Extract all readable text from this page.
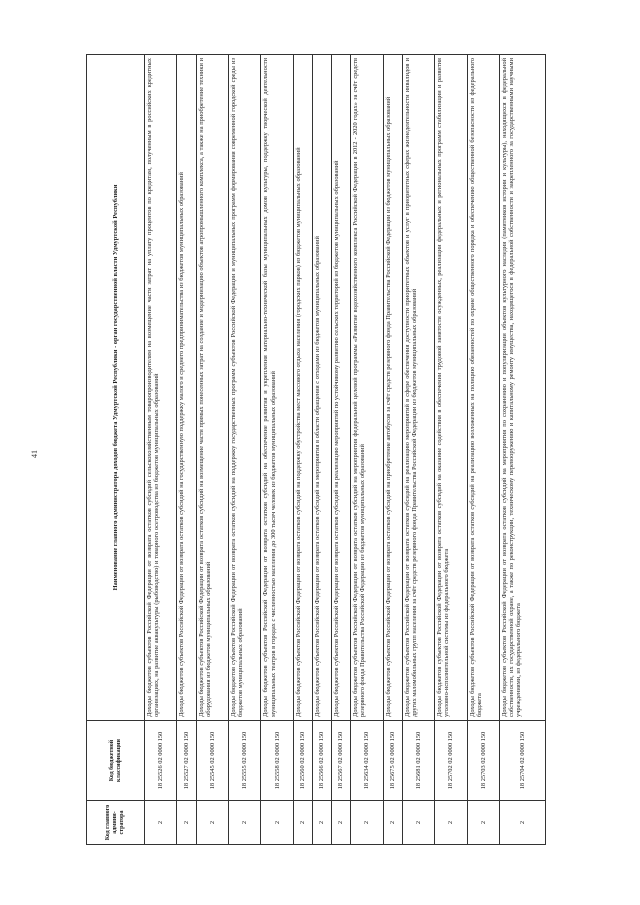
41
Код главного админи-стратора	Код бюджетной классификации	Наименование главного администратора доходов бюджета Удмуртской Республики - орган государственной власти Удмуртской Республики
2	18 25526 02 0000 150	Доходы бюджетов субъектов Российской Федерации от возврата остатков субсидий сельскохозяйственным товаропроизводителям на возмещение части затрат на уплату процентов по кредитам, полученным в российских кредитных организациях, на развитие аквакультуры (рыбоводство) и товарного осетроводства из бюджетов муниципальных образований
2	18 25527 02 0000 150	Доходы бюджетов субъектов Российской Федерации от возврата остатков субсидий на государственную поддержку малого и среднего предпринимательства из бюджетов муниципальных образований
2	18 25545 02 0000 150	Доходы бюджетов субъектов Российской Федерации от возврата остатков субсидий на возмещение части прямых понесенных затрат на создание и модернизацию объектов агропромышленного комплекса, а также на приобретение техники и оборудования из бюджетов муниципальных образований
2	18 25555 02 0000 150	Доходы бюджетов субъектов Российской Федерации от возврата остатков субсидий на поддержку государственных программ субъектов Российской Федерации и муниципальных программ формирования современной городской среды из бюджетов муниципальных образований
2	18 25558 02 0000 150	Доходы бюджетов субъектов Российской Федерации от возврата остатков субсидий на обеспечение развития и укрепления материально-технической базы муниципальных домов культуры, поддержку творческой деятельности муниципальных театров в городах с численностью населения до 300 тысяч человек из бюджетов муниципальных образований
2	18 25560 02 0000 150	Доходы бюджетов субъектов Российской Федерации от возврата остатков субсидий на поддержку обустройства мест массового отдыха населения (городских парков) из бюджетов муниципальных образований
2	18 25566 02 0000 150	Доходы бюджетов субъектов Российской Федерации от возврата остатков субсидий на мероприятия в области обращения с отходами из бюджетов муниципальных образований
2	18 25567 02 0000 150	Доходы бюджетов субъектов Российской Федерации от возврата остатков субсидий на реализацию мероприятий по устойчивому развитию сельских территорий из бюджетов муниципальных образований
2	18 25634 02 0000 150	Доходы бюджетов субъектов Российской Федерации от возврата остатков субсидий на мероприятия федеральной целевой программы «Развитие водохозяйственного комплекса Российской Федерации в 2012 - 2020 годах» за счёт средств резервного фонда Правительства Российской Федерации из бюджетов муниципальных образований
2	18 25675 02 0000 150	Доходы бюджетов субъектов Российской Федерации от возврата остатков субсидий на приобретение автобусов за счёт средств резервного фонда Правительства Российской Федерации из бюджетов муниципальных образований
2	18 25681 02 0000 150	Доходы бюджетов субъектов Российской Федерации от возврата остатков субсидий на реализацию мероприятий в сфере обеспечения доступности приоритетных объектов и услуг в приоритетных сферах жизнедеятельности инвалидов и других маломобильных групп населения за счёт средств резервного фонда Правительства Российской Федерации из бюджетов муниципальных образований
2	18 25702 02 0000 150	Доходы бюджетов субъектов Российской Федерации от возврата остатков субсидий на оказание содействия в обеспечении трудовой занятости осужденных, реализации федеральных и региональных программ стабилизации и развития уголовно-исполнительной системы из федерального бюджета
2	18 25703 02 0000 150	Доходы бюджетов субъектов Российской Федерации от возврата остатков субсидий на реализацию возложенных на полицию обязанностей по охране общественного порядка и обеспечению общественной безопасности из федерального бюджета
2	18 25704 02 0000 150	Доходы бюджетов субъектов Российской Федерации от возврата остатков субсидий на мероприятия по сохранению и популяризации объектов культурного наследия (памятников истории и культуры), находящихся в федеральной собственности, их государственной охране, а также по реконструкции, техническому перевооружению и капитальному ремонту имущества, находящегося в федеральной собственности и закрепленного за государственными научными учреждениями, из федерального бюджета
